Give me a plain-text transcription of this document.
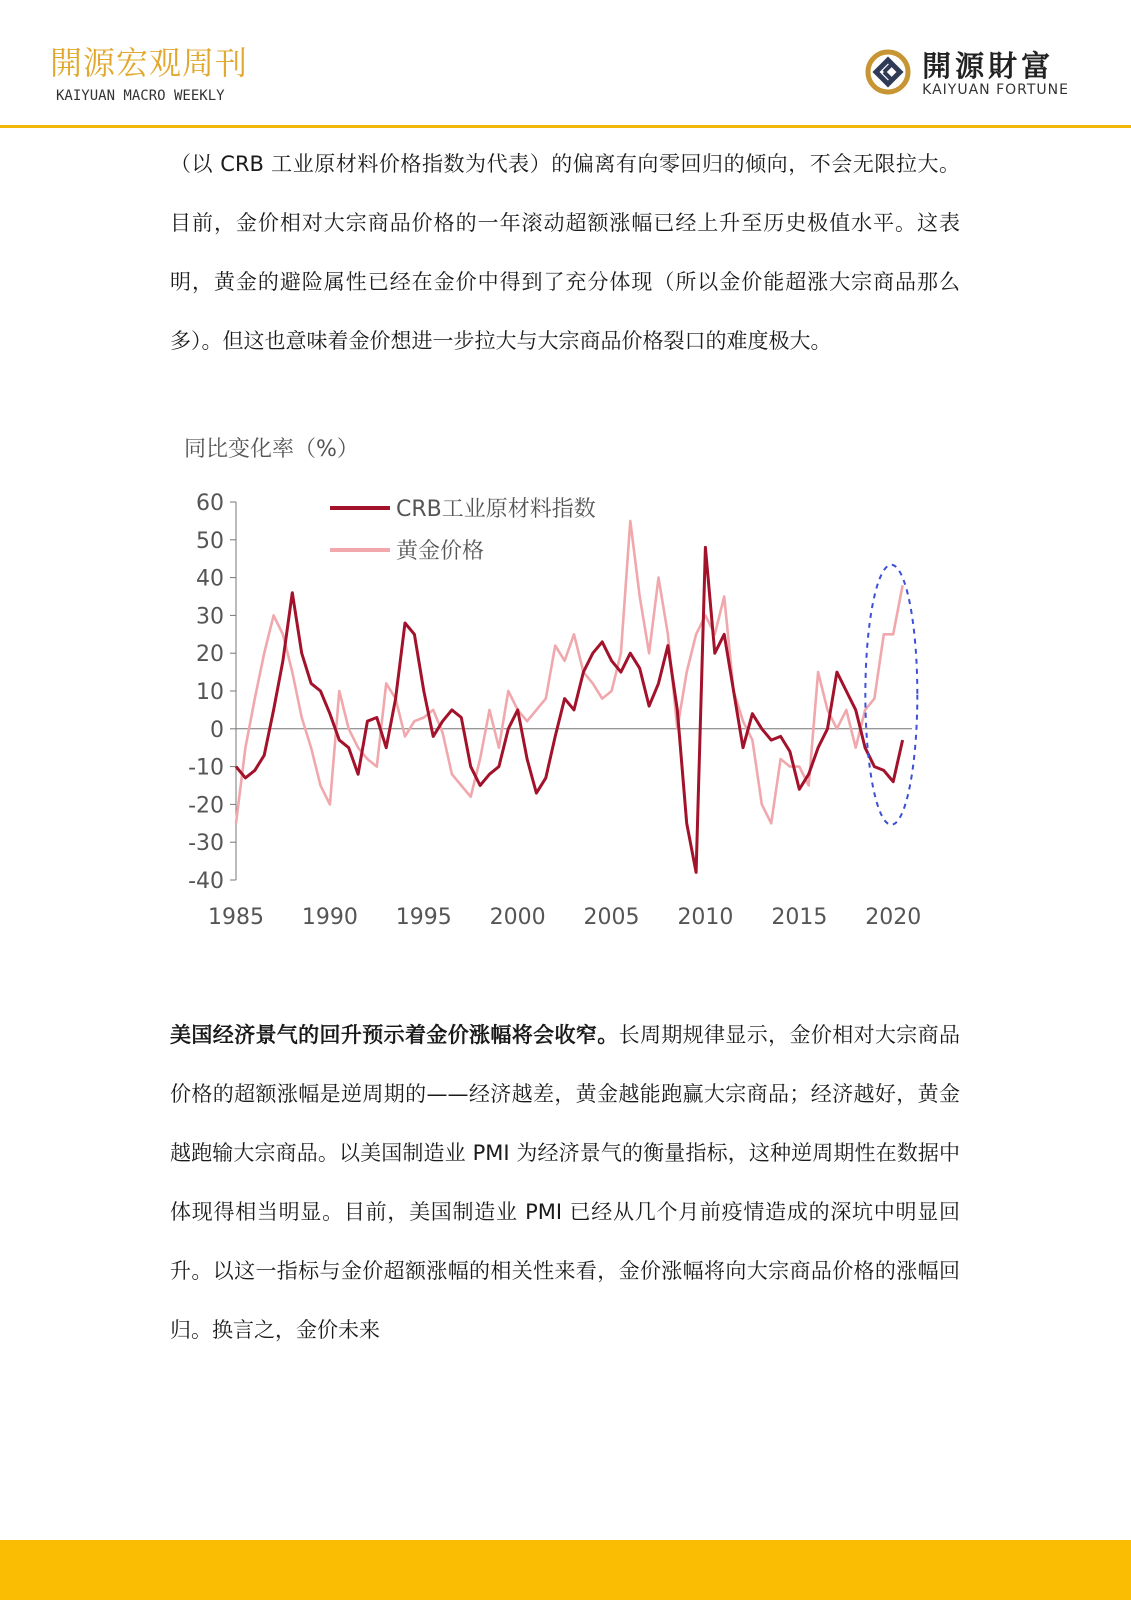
開源宏观周刊
KAIYUAN MACRO WEEKLY
開源財富
KAIYUAN FORTUNE

（以 CRB 工业原材料价格指数为代表）的偏离有向零回归的倾向，不会无限拉大。目前，金价相对大宗商品价格的一年滚动超额涨幅已经上升至历史极值水平。这表明，黄金的避险属性已经在金价中得到了充分体现（所以金价能超涨大宗商品那么多）。但这也意味着金价想进一步拉大与大宗商品价格裂口的难度极大。

同比变化率（%）
60
50
40
30
20
10
0
-10
-20
-30
-40
1985 1990 1995 2000 2005 2010 2015 2020
CRB工业原材料指数
黄金价格

美国经济景气的回升预示着金价涨幅将会收窄。长周期规律显示，金价相对大宗商品价格的超额涨幅是逆周期的——经济越差，黄金越能跑赢大宗商品；经济越好，黄金越跑输大宗商品。以美国制造业 PMI 为经济景气的衡量指标，这种逆周期性在数据中体现得相当明显。目前，美国制造业 PMI 已经从几个月前疫情造成的深坑中明显回升。以这一指标与金价超额涨幅的相关性来看，金价涨幅将向大宗商品价格的涨幅回归。换言之，金价未来
